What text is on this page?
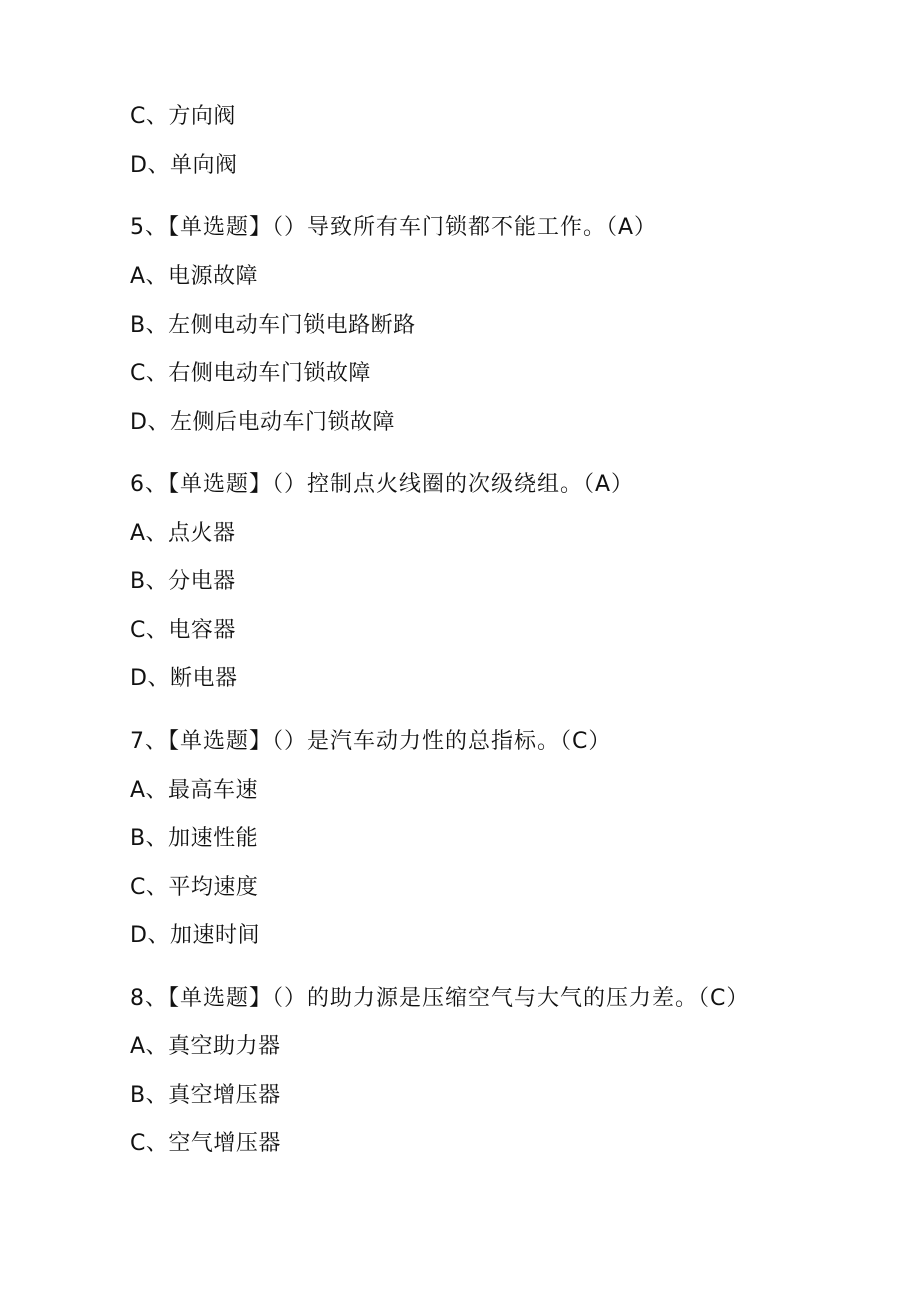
C、方向阀
D、单向阀
5、【单选题】（）导致所有车门锁都不能工作。（A）
A、电源故障
B、左侧电动车门锁电路断路
C、右侧电动车门锁故障
D、左侧后电动车门锁故障
6、【单选题】（）控制点火线圈的次级绕组。（A）
A、点火器
B、分电器
C、电容器
D、断电器
7、【单选题】（）是汽车动力性的总指标。（C）
A、最高车速
B、加速性能
C、平均速度
D、加速时间
8、【单选题】（）的助力源是压缩空气与大气的压力差。（C）
A、真空助力器
B、真空增压器
C、空气增压器
